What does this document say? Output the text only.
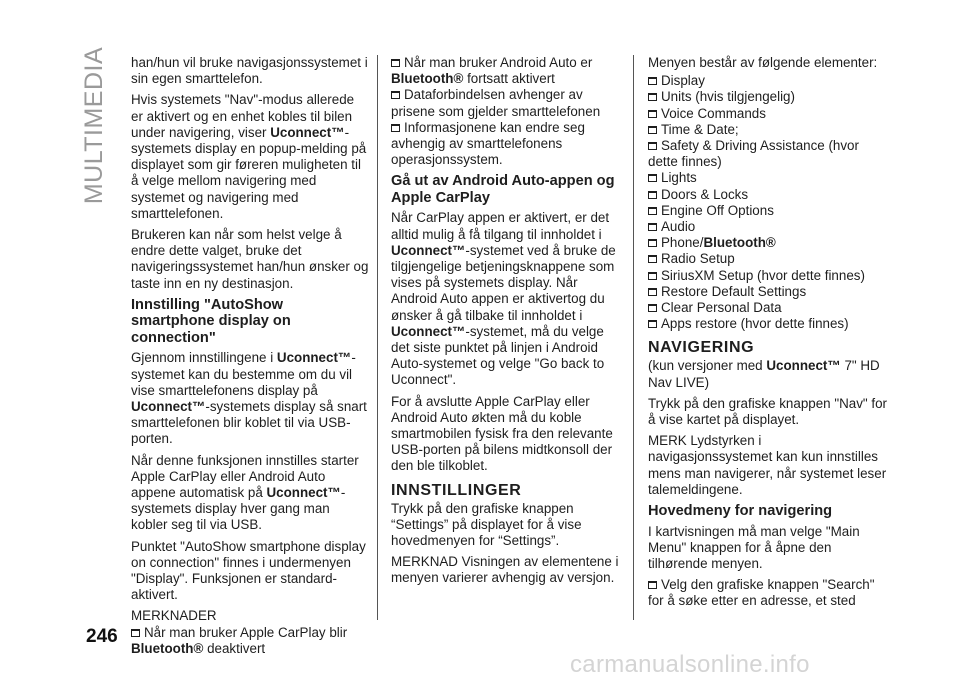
MULTIMEDIA han/hun vil bruke navigasjonssystemet i sin egen smarttelefon.

Hvis systemets "Nav"-modus allerede er aktivert og en enhet kobles til bilen under navigering, viser Uconnect™-systemets display en popup-melding på displayet som gir føreren muligheten til å velge mellom navigering med systemet og navigering med smarttelefonen.

Brukeren kan når som helst velge å endre dette valget, bruke det navigeringssystemet han/hun ønsker og taste inn en ny destinasjon.

Innstilling "AutoShow smartphone display on connection"

Gjennom innstillingene i Uconnect™-systemet kan du bestemme om du vil vise smarttelefonens display på Uconnect™-systemets display så snart smarttelefonen blir koblet til via USB-porten.

Når denne funksjonen innstilles starter Apple CarPlay eller Android Auto appene automatisk på Uconnect™-systemets display hver gang man kobler seg til via USB.

Punktet "AutoShow smartphone display on connection" finnes i undermenyen "Display". Funksjonen er standard-aktivert.

MERKNADER
Når man bruker Apple CarPlay blir Bluetooth® deaktivert
Når man bruker Android Auto er Bluetooth® fortsatt aktivert
Dataforbindelsen avhenger av prisene som gjelder smarttelefonen
Informasjonene kan endre seg avhengig av smarttelefonens operasjonssystem.
Gå ut av Android Auto-appen og Apple CarPlay

Når CarPlay appen er aktivert, er det alltid mulig å få tilgang til innholdet i Uconnect™-systemet ved å bruke de tilgjengelige betjeningsknappene som vises på systemets display. Når Android Auto appen er aktivertog du ønsker å gå tilbake til innholdet i Uconnect™-systemet, må du velge det siste punktet på linjen i Android Auto-systemet og velge "Go back to Uconnect".

For å avslutte Apple CarPlay eller Android Auto økten må du koble smartmobilen fysisk fra den relevante USB-porten på bilens midtkonsoll der den ble tilkoblet.

INNSTILLINGER

Trykk på den grafiske knappen “Settings” på displayet for å vise hovedmenyen for “Settings”.

MERKNAD Visningen av elementene i menyen varierer avhengig av versjon.

Menyen består av følgende elementer:

Display
Units (hvis tilgjengelig)
Voice Commands
Time & Date;
Safety & Driving Assistance (hvor dette finnes)
Lights
Doors & Locks
Engine Off Options
Audio
Phone/Bluetooth®
Radio Setup
SiriusXM Setup (hvor dette finnes)
Restore Default Settings
Clear Personal Data
Apps restore (hvor dette finnes)
NAVIGERING

(kun versjoner med Uconnect™ 7" HD Nav LIVE)

Trykk på den grafiske knappen "Nav" for å vise kartet på displayet.

MERK Lydstyrken i navigasjonssystemet kan kun innstilles mens man navigerer, når systemet leser talemeldingene.

Hovedmeny for navigering

I kartvisningen må man velge "Main Menu" knappen for å åpne den tilhørende menyen.

Velg den grafiske knappen "Search" for å søke etter en adresse, et sted
246
carmanualsonline.info
